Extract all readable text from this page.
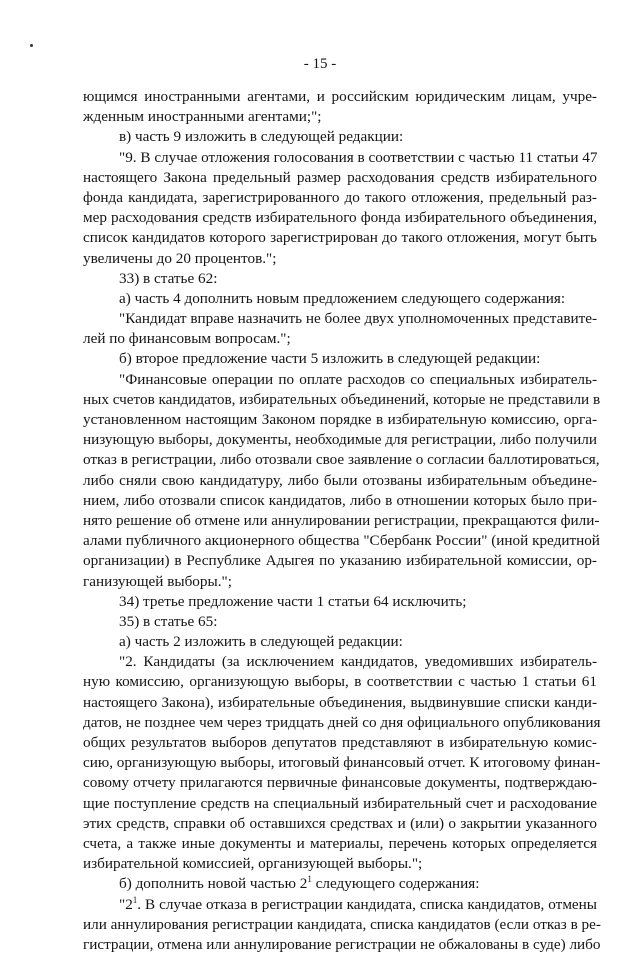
- 15 -
ющимся иностранными агентами, и российским юридическим лицам, учре-
жденным иностранными агентами;";
в) часть 9 изложить в следующей редакции:
"9. В случае отложения голосования в соответствии с частью 11 статьи 47
настоящего Закона предельный размер расходования средств избирательного
фонда кандидата, зарегистрированного до такого отложения, предельный раз-
мер расходования средств избирательного фонда избирательного объединения,
список кандидатов которого зарегистрирован до такого отложения, могут быть
увеличены до 20 процентов.";
33) в статье 62:
а) часть 4 дополнить новым предложением следующего содержания:
"Кандидат вправе назначить не более двух уполномоченных представите-
лей по финансовым вопросам.";
б) второе предложение части 5 изложить в следующей редакции:
"Финансовые операции по оплате расходов со специальных избиратель-
ных счетов кандидатов, избирательных объединений, которые не представили в
установленном настоящим Законом порядке в избирательную комиссию, орга-
низующую выборы, документы, необходимые для регистрации, либо получили
отказ в регистрации, либо отозвали свое заявление о согласии баллотироваться,
либо сняли свою кандидатуру, либо были отозваны избирательным объедине-
нием, либо отозвали список кандидатов, либо в отношении которых было при-
нято решение об отмене или аннулировании регистрации, прекращаются фили-
алами публичного акционерного общества "Сбербанк России" (иной кредитной
организации) в Республике Адыгея по указанию избирательной комиссии, ор-
ганизующей выборы.";
34) третье предложение части 1 статьи 64 исключить;
35) в статье 65:
а) часть 2 изложить в следующей редакции:
"2. Кандидаты (за исключением кандидатов, уведомивших избиратель-
ную комиссию, организующую выборы, в соответствии с частью 1 статьи 61
настоящего Закона), избирательные объединения, выдвинувшие списки канди-
датов, не позднее чем через тридцать дней со дня официального опубликования
общих результатов выборов депутатов представляют в избирательную комис-
сию, организующую выборы, итоговый финансовый отчет. К итоговому финан-
совому отчету прилагаются первичные финансовые документы, подтверждаю-
щие поступление средств на специальный избирательный счет и расходование
этих средств, справки об оставшихся средствах и (или) о закрытии указанного
счета, а также иные документы и материалы, перечень которых определяется
избирательной комиссией, организующей выборы.";
б) дополнить новой частью $2^1$ следующего содержания:
"$2^1$. В случае отказа в регистрации кандидата, списка кандидатов, отмены
или аннулирования регистрации кандидата, списка кандидатов (если отказ в ре-
гистрации, отмена или аннулирование регистрации не обжалованы в суде) либо
